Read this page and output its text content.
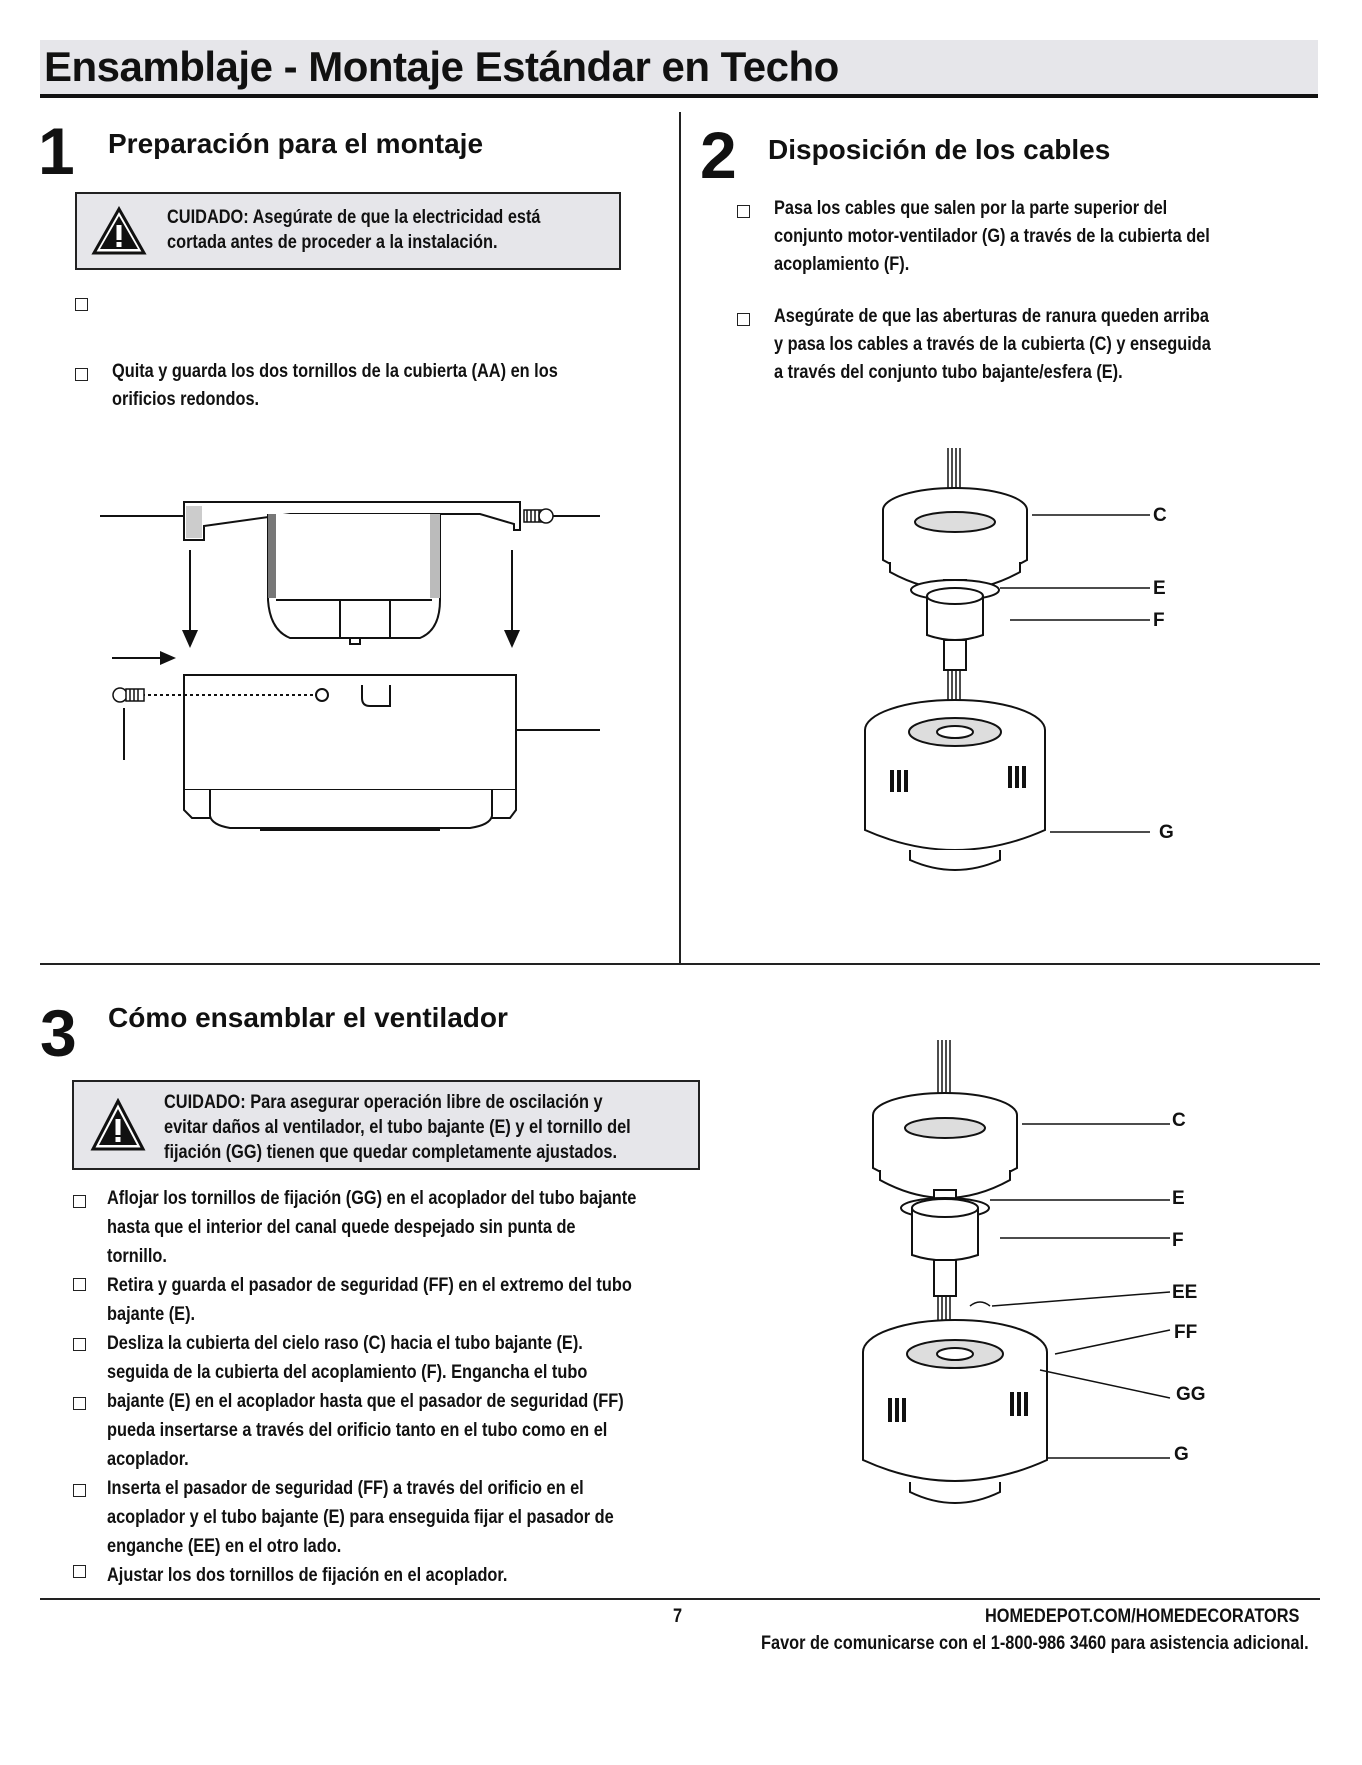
Ensamblaje - Montaje Estándar en Techo
1 Preparación para el montaje
CUIDADO: Asegúrate de que la electricidad está
cortada antes de proceder a la instalación.
Quita y guarda los dos tornillos de la cubierta (AA) en los
orificios redondos.
2 Disposición de los cables
Pasa los cables que salen por la parte superior del
conjunto motor-ventilador (G) a través de la cubierta del
acoplamiento (F).
Asegúrate de que las aberturas de ranura queden arriba
y pasa los cables a través de la cubierta (C) y enseguida
a través del conjunto tubo bajante/esfera (E).
C
E
F
G
3 Cómo ensamblar el ventilador
CUIDADO: Para asegurar operación libre de oscilación y
evitar daños al ventilador, el tubo bajante (E) y el tornillo del
fijación (GG) tienen que quedar completamente ajustados.
Aflojar los tornillos de fijación (GG) en el acoplador del tubo bajante
hasta que el interior del canal quede despejado sin punta de
tornillo.
Retira y guarda el pasador de seguridad (FF) en el extremo del tubo
bajante (E).
Desliza la cubierta del cielo raso (C) hacia el tubo bajante (E).
seguida de la cubierta del acoplamiento (F). Engancha el tubo
bajante (E) en el acoplador hasta que el pasador de seguridad (FF)
pueda insertarse a través del orificio tanto en el tubo como en el
acoplador.
Inserta el pasador de seguridad (FF) a través del orificio en el
acoplador y el tubo bajante (E) para enseguida fijar el pasador de
enganche (EE) en el otro lado.
Ajustar los dos tornillos de fijación en el acoplador.
C
E
F
EE
FF
GG
G
7	HOMEDEPOT.COM/HOMEDECORATORS
Favor de comunicarse con el 1-800-986 3460 para asistencia adicional.
